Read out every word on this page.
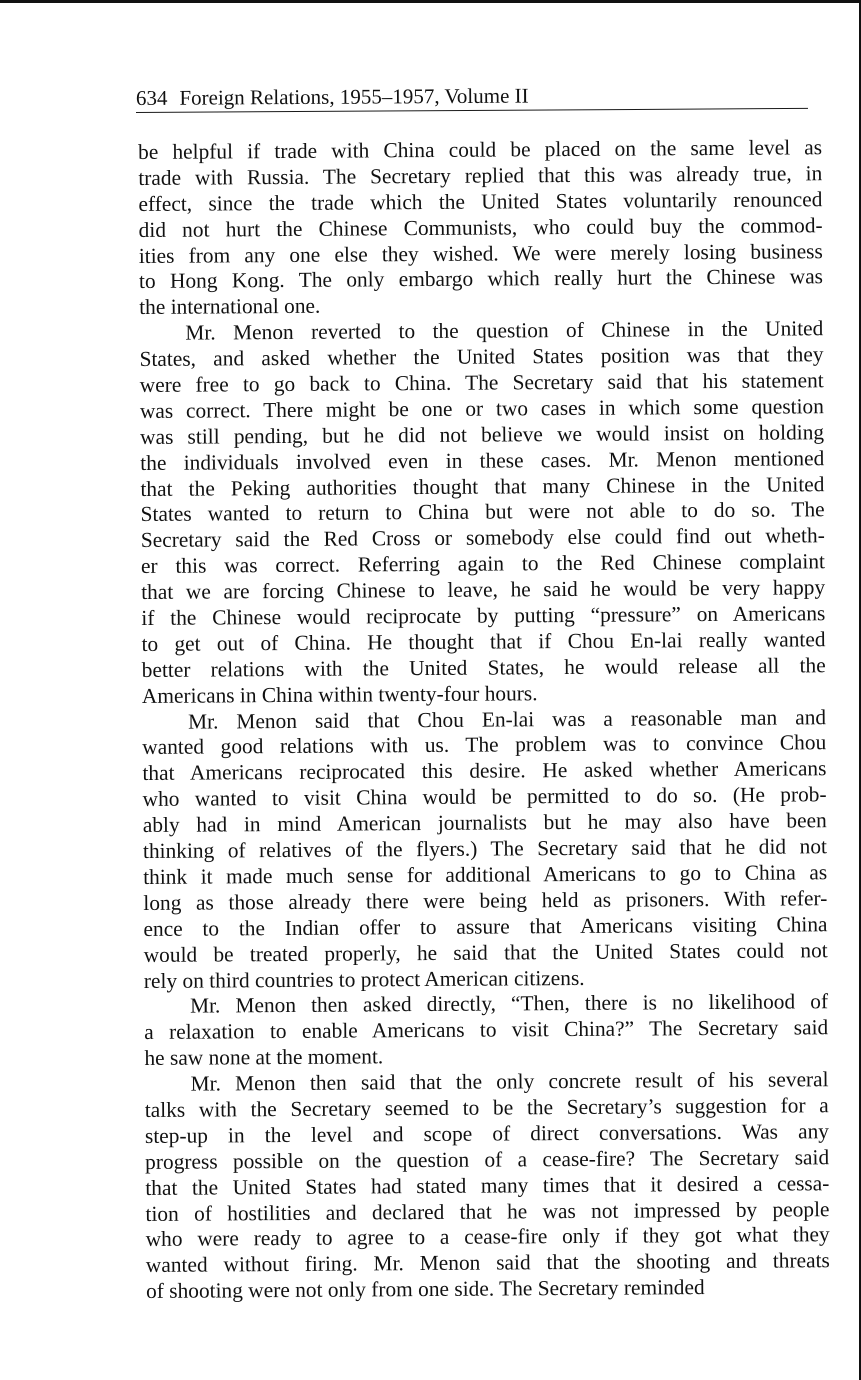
634 Foreign Relations, 1955–1957, Volume II
be helpful if trade with China could be placed on the same level as
trade with Russia. The Secretary replied that this was already true, in
effect, since the trade which the United States voluntarily renounced
did not hurt the Chinese Communists, who could buy the commod-
ities from any one else they wished. We were merely losing business
to Hong Kong. The only embargo which really hurt the Chinese was
the international one.
Mr. Menon reverted to the question of Chinese in the United
States, and asked whether the United States position was that they
were free to go back to China. The Secretary said that his statement
was correct. There might be one or two cases in which some question
was still pending, but he did not believe we would insist on holding
the individuals involved even in these cases. Mr. Menon mentioned
that the Peking authorities thought that many Chinese in the United
States wanted to return to China but were not able to do so. The
Secretary said the Red Cross or somebody else could find out wheth-
er this was correct. Referring again to the Red Chinese complaint
that we are forcing Chinese to leave, he said he would be very happy
if the Chinese would reciprocate by putting “pressure” on Americans
to get out of China. He thought that if Chou En-lai really wanted
better relations with the United States, he would release all the
Americans in China within twenty-four hours.
Mr. Menon said that Chou En-lai was a reasonable man and
wanted good relations with us. The problem was to convince Chou
that Americans reciprocated this desire. He asked whether Americans
who wanted to visit China would be permitted to do so. (He prob-
ably had in mind American journalists but he may also have been
thinking of relatives of the flyers.) The Secretary said that he did not
think it made much sense for additional Americans to go to China as
long as those already there were being held as prisoners. With refer-
ence to the Indian offer to assure that Americans visiting China
would be treated properly, he said that the United States could not
rely on third countries to protect American citizens.
Mr. Menon then asked directly, “Then, there is no likelihood of
a relaxation to enable Americans to visit China?” The Secretary said
he saw none at the moment.
Mr. Menon then said that the only concrete result of his several
talks with the Secretary seemed to be the Secretary’s suggestion for a
step-up in the level and scope of direct conversations. Was any
progress possible on the question of a cease-fire? The Secretary said
that the United States had stated many times that it desired a cessa-
tion of hostilities and declared that he was not impressed by people
who were ready to agree to a cease-fire only if they got what they
wanted without firing. Mr. Menon said that the shooting and threats
of shooting were not only from one side. The Secretary reminded
